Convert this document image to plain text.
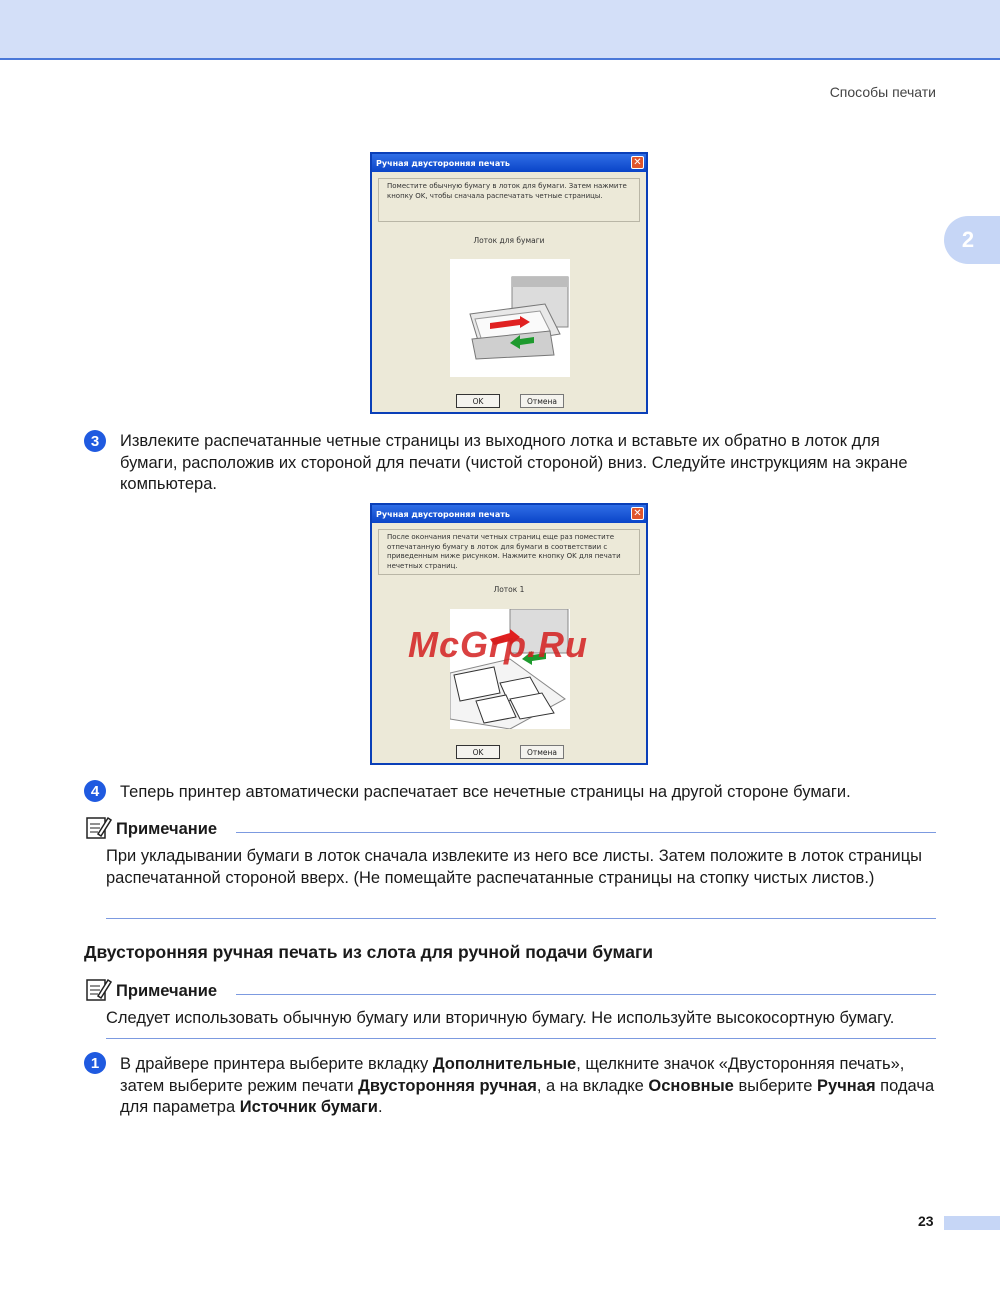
Способы печати
2
Ручная двусторонняя печать	✕
Поместите обычную бумагу в лоток для бумаги. Затем нажмите кнопку OK, чтобы сначала распечатать четные страницы.
Лоток для бумаги
OK	Отмена
3	Извлеките распечатанные четные страницы из выходного лотка и вставьте их обратно в лоток для бумаги, расположив их стороной для печати (чистой стороной) вниз. Следуйте инструкциям на экране компьютера.
Ручная двусторонняя печать	✕
После окончания печати четных страниц еще раз поместите отпечатанную бумагу в лоток для бумаги в соответствии с приведенным ниже рисунком. Нажмите кнопку OK для печати нечетных страниц.
Лоток 1
OK	Отмена
McGrp.Ru
4	Теперь принтер автоматически распечатает все нечетные страницы на другой стороне бумаги.
Примечание
При укладывании бумаги в лоток сначала извлеките из него все листы. Затем положите в лоток страницы распечатанной стороной вверх. (Не помещайте распечатанные страницы на стопку чистых листов.)
Двусторонняя ручная печать из слота для ручной подачи бумаги
Примечание
Следует использовать обычную бумагу или вторичную бумагу. Не используйте высокосортную бумагу.
1	В драйвере принтера выберите вкладку Дополнительные, щелкните значок «Двусторонняя печать», затем выберите режим печати Двусторонняя ручная, а на вкладке Основные выберите Ручная подача для параметра Источник бумаги.
23
